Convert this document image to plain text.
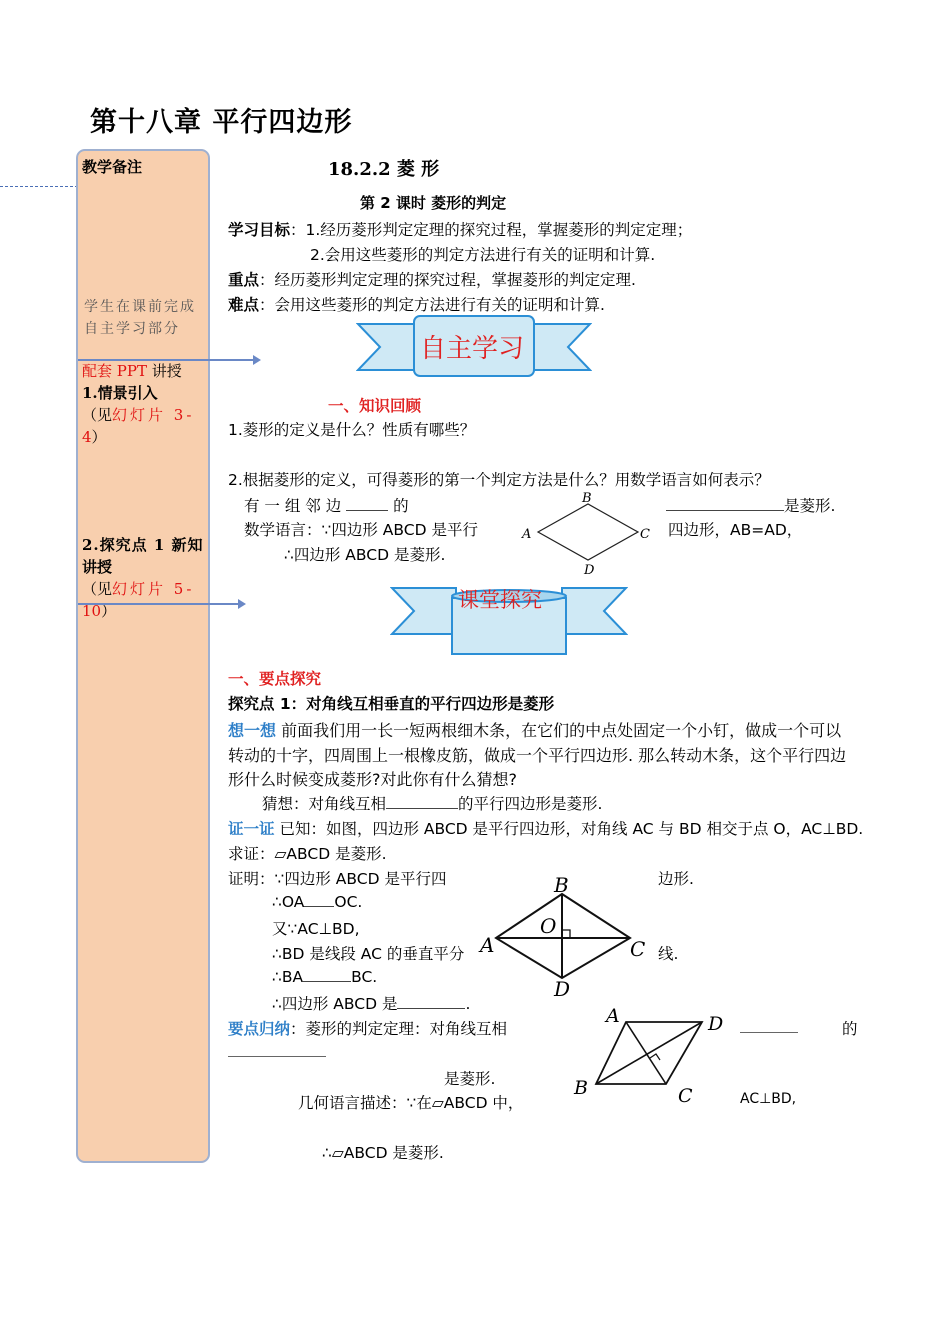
第十八章 平行四边形
教学备注
学生在课前完成
自主学习部分
配套 PPT 讲授
1.情景引入
（见幻灯片 3-
4）
2.探究点 1 新知
讲授
（见幻灯片 5-
10）
18.2.2 菱 形
第 2 课时 菱形的判定
学习目标：1.经历菱形判定定理的探究过程，掌握菱形的判定定理；
2.会用这些菱形的判定方法进行有关的证明和计算.
重点：经历菱形判定定理的探究过程，掌握菱形的判定定理.
难点：会用这些菱形的判定方法进行有关的证明和计算.
自主学习
一、知识回顾
1.菱形的定义是什么？性质有哪些？
2.根据菱形的定义，可得菱形的第一个判定方法是什么？用数学语言如何表示？
有 一 组 邻 边	的	是菱形.
数学语言：∵四边形 ABCD 是平行	四边形，AB=AD，
∴四边形 ABCD 是菱形.
B
A	C
D
课堂探究
一、要点探究
探究点 1：对角线互相垂直的平行四边形是菱形
想一想 前面我们用一长一短两根细木条，在它们的中点处固定一个小钉，做成一个可以
转动的十字，四周围上一根橡皮筋，做成一个平行四边形. 那么转动木条，这个平行四边
形什么时候变成菱形?对此你有什么猜想?
猜想：对角线互相	的平行四边形是菱形.
证一证 已知：如图，四边形 ABCD 是平行四边形，对角线 AC 与 BD 相交于点 O，AC⊥BD.
求证：▱ABCD 是菱形.
证明：∵四边形 ABCD 是平行四	边形.
∴OA OC.
又∵AC⊥BD,
∴BD 是线段 AC 的垂直平分	线.
∴BA	BC.
∴四边形 ABCD 是	.
B
O
A	C
D
要点归纳：菱形的判定定理：对角线互相	的
是菱形.
几何语言描述：∵在▱ABCD 中，	AC⊥BD,
∴▱ABCD 是菱形.
A	D
B	C
